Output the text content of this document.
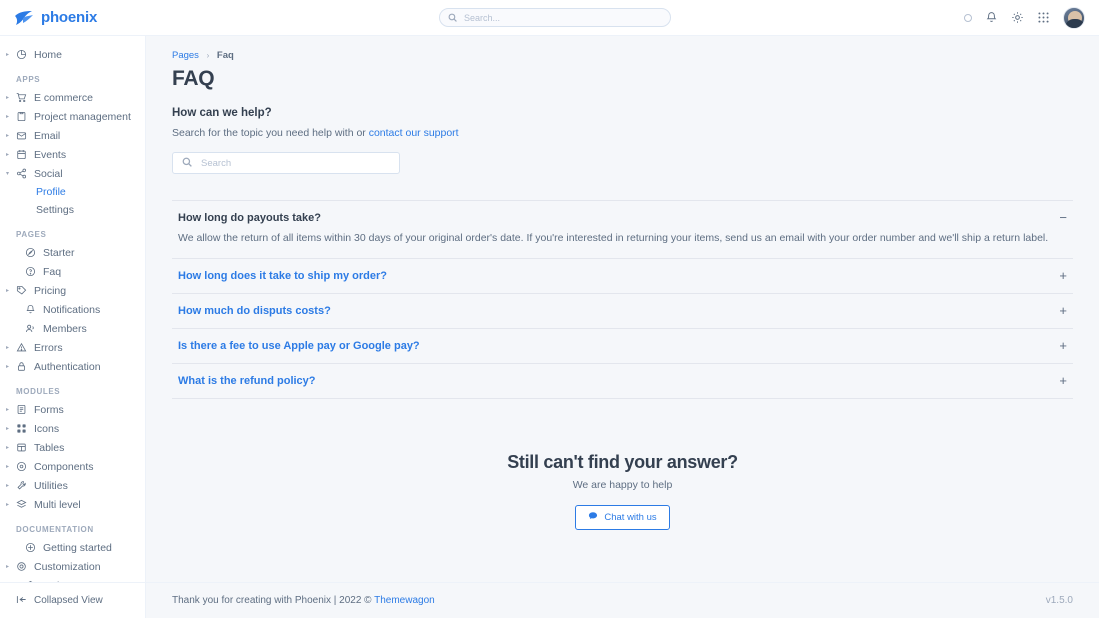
phoenix
Search...
▸ Home
APPS
▸ E commerce
▸ Project management
▸ Email
▸ Events
▾ Social
Profile
Settings
PAGES
Starter
Faq
▸ Pricing
Notifications
Members
▸ Errors
▸ Authentication
MODULES
▸ Forms
▸ Icons
▸ Tables
▸ Components
▸ Utilities
▸ Multi level
DOCUMENTATION
Getting started
▸ Customization
Collapsed View
Pages › Faq
FAQ
How can we help?
Search for the topic you need help with or contact our support
Search
How long do payouts take?
We allow the return of all items within 30 days of your original order's date. If you're interested in returning your items, send us an email with your order number and we'll ship a return label.
−
How long does it take to ship my order?	+
How much do disputs costs?	+
Is there a fee to use Apple pay or Google pay?	+
What is the refund policy?	+
Still can't find your answer?

We are happy to help

Chat with us
Thank you for creating with Phoenix | 2022 © Themewagon	v1.5.0
